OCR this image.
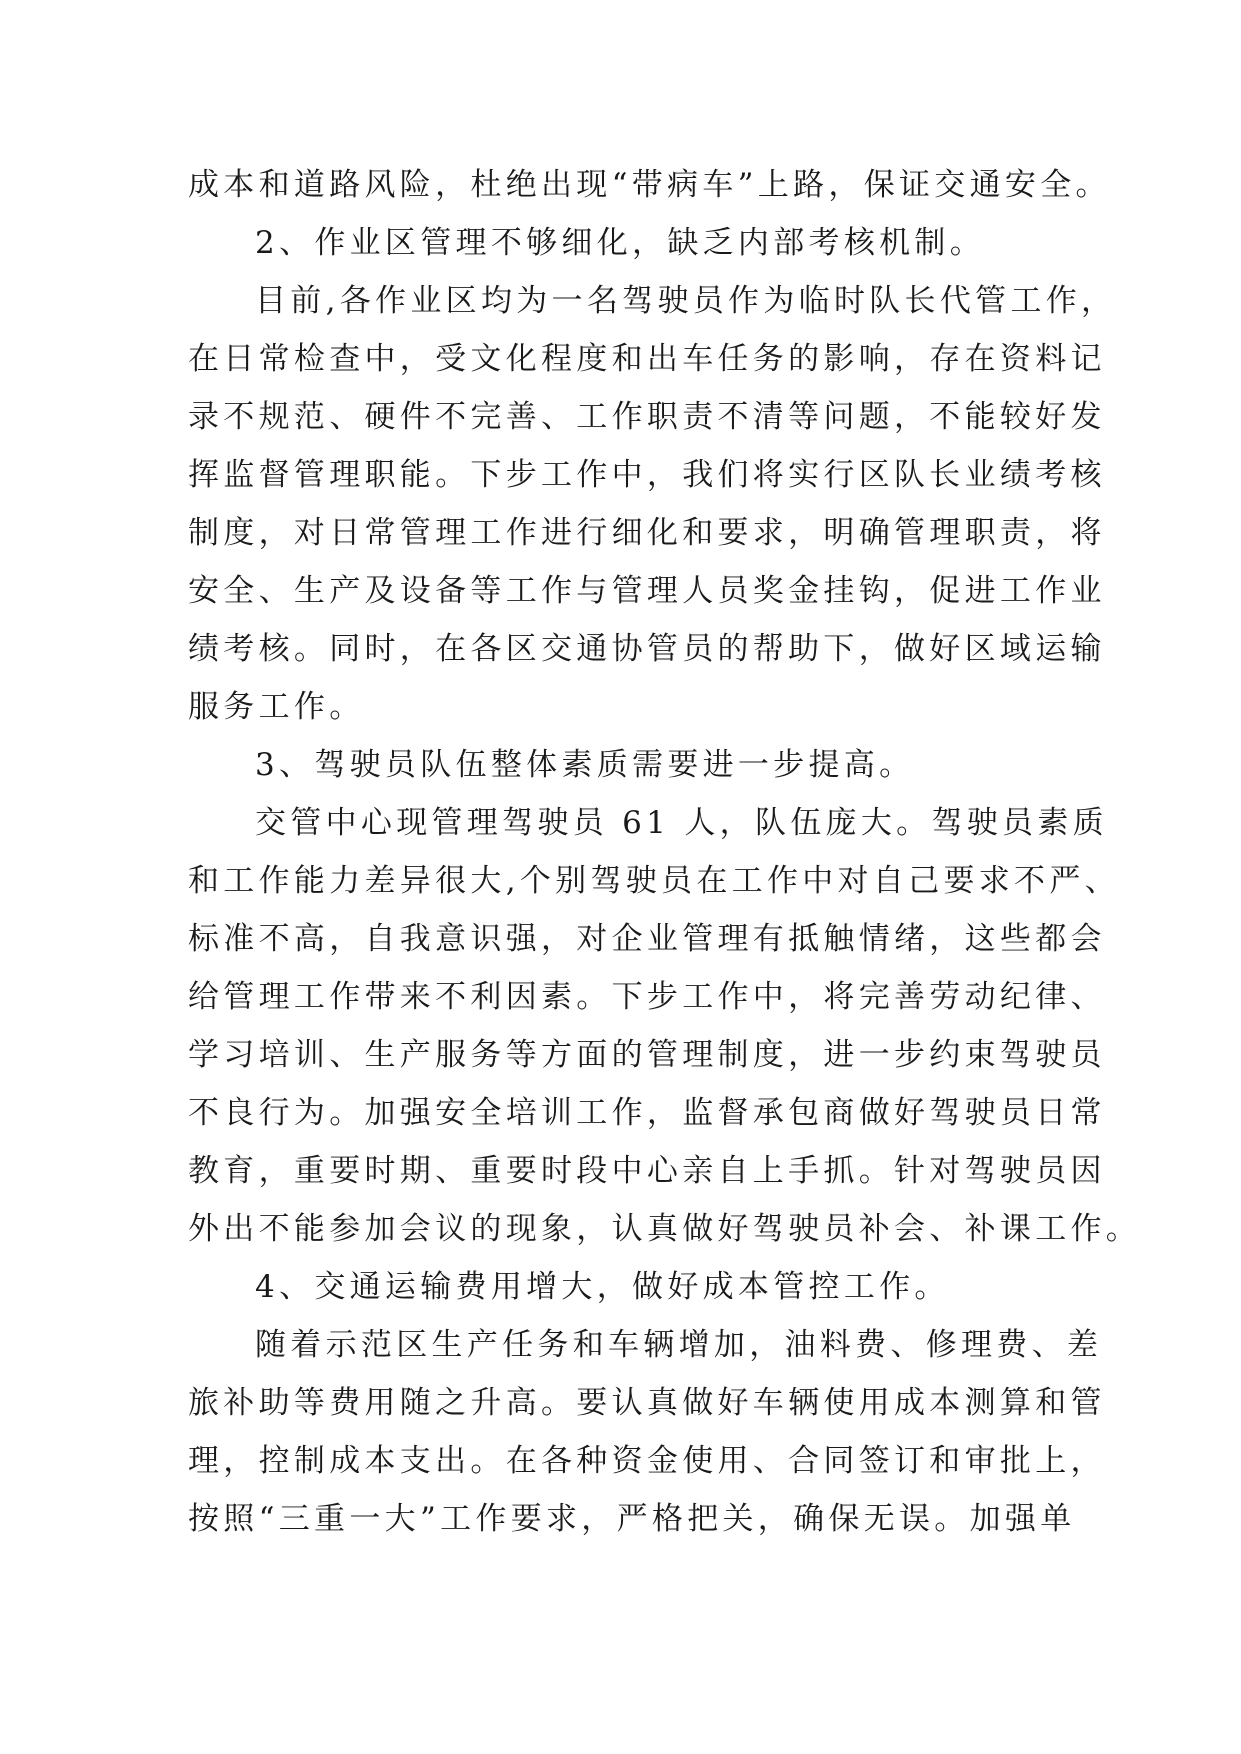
成本和道路风险，杜绝出现“带病车”上路，保证交通安全。
2、作业区管理不够细化，缺乏内部考核机制。
目前,各作业区均为一名驾驶员作为临时队长代管工作，
在日常检查中，受文化程度和出车任务的影响，存在资料记
录不规范、硬件不完善、工作职责不清等问题，不能较好发
挥监督管理职能。下步工作中，我们将实行区队长业绩考核
制度，对日常管理工作进行细化和要求，明确管理职责，将
安全、生产及设备等工作与管理人员奖金挂钩，促进工作业
绩考核。同时，在各区交通协管员的帮助下，做好区域运输
服务工作。
3、驾驶员队伍整体素质需要进一步提高。
交管中心现管理驾驶员 61 人，队伍庞大。驾驶员素质
和工作能力差异很大,个别驾驶员在工作中对自己要求不严、
标准不高，自我意识强，对企业管理有抵触情绪，这些都会
给管理工作带来不利因素。下步工作中，将完善劳动纪律、
学习培训、生产服务等方面的管理制度，进一步约束驾驶员
不良行为。加强安全培训工作，监督承包商做好驾驶员日常
教育，重要时期、重要时段中心亲自上手抓。针对驾驶员因
外出不能参加会议的现象，认真做好驾驶员补会、补课工作。
4、交通运输费用增大，做好成本管控工作。
随着示范区生产任务和车辆增加，油料费、修理费、差
旅补助等费用随之升高。要认真做好车辆使用成本测算和管
理，控制成本支出。在各种资金使用、合同签订和审批上，
按照“三重一大”工作要求，严格把关，确保无误。加强单
